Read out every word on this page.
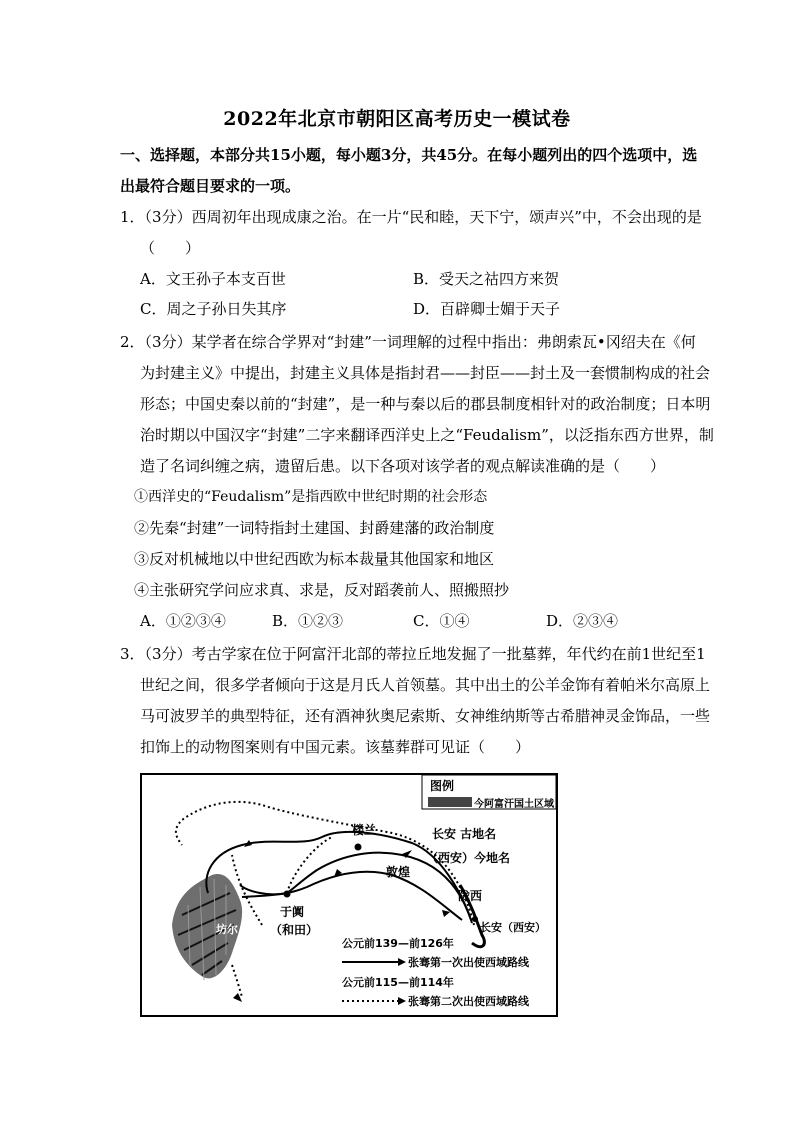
2022年北京市朝阳区高考历史一模试卷
一、选择题，本部分共15小题，每小题3分，共45分。在每小题列出的四个选项中，选
出最符合题目要求的一项。
1．（3分）西周初年出现成康之治。在一片“民和睦，天下宁，颂声兴”中，不会出现的是
（　　）
A．文王孙子本支百世	B．受天之祜四方来贺
C．周之子孙日失其序	D．百辟卿士媚于天子
2．（3分）某学者在综合学界对“封建”一词理解的过程中指出：弗朗索瓦•冈绍夫在《何
为封建主义》中提出，封建主义具体是指封君——封臣——封土及一套惯制构成的社会
形态；中国史秦以前的“封建”，是一种与秦以后的郡县制度相针对的政治制度；日本明
治时期以中国汉字“封建”二字来翻译西洋史上之“Feudalism”，以泛指东西方世界，制
造了名词纠缠之病，遗留后患。以下各项对该学者的观点解读准确的是（　　）
①西洋史的“Feudalism”是指西欧中世纪时期的社会形态
②先秦“封建”一词特指封土建国、封爵建藩的政治制度
③反对机械地以中世纪西欧为标本裁量其他国家和地区
④主张研究学问应求真、求是，反对蹈袭前人、照搬照抄
A．①②③④	B．①②③	C．①④	D．②③④
3．（3分）考古学家在位于阿富汗北部的蒂拉丘地发掘了一批墓葬，年代约在前1世纪至1
世纪之间，很多学者倾向于这是月氏人首领墓。其中出土的公羊金饰有着帕米尔高原上
马可波罗羊的典型特征，还有酒神狄奥尼索斯、女神维纳斯等古希腊神灵金饰品，一些
扣饰上的动物图案则有中国元素。该墓葬群可见证（　　）
图例
今阿富汗国土区域
长安 古地名
（西安）今地名
楼兰
敦煌
陇西
长安（西安）
于阗
（和田）
坊尔
公元前139—前126年
张骞第一次出使西域路线
公元前115—前114年
张骞第二次出使西域路线
